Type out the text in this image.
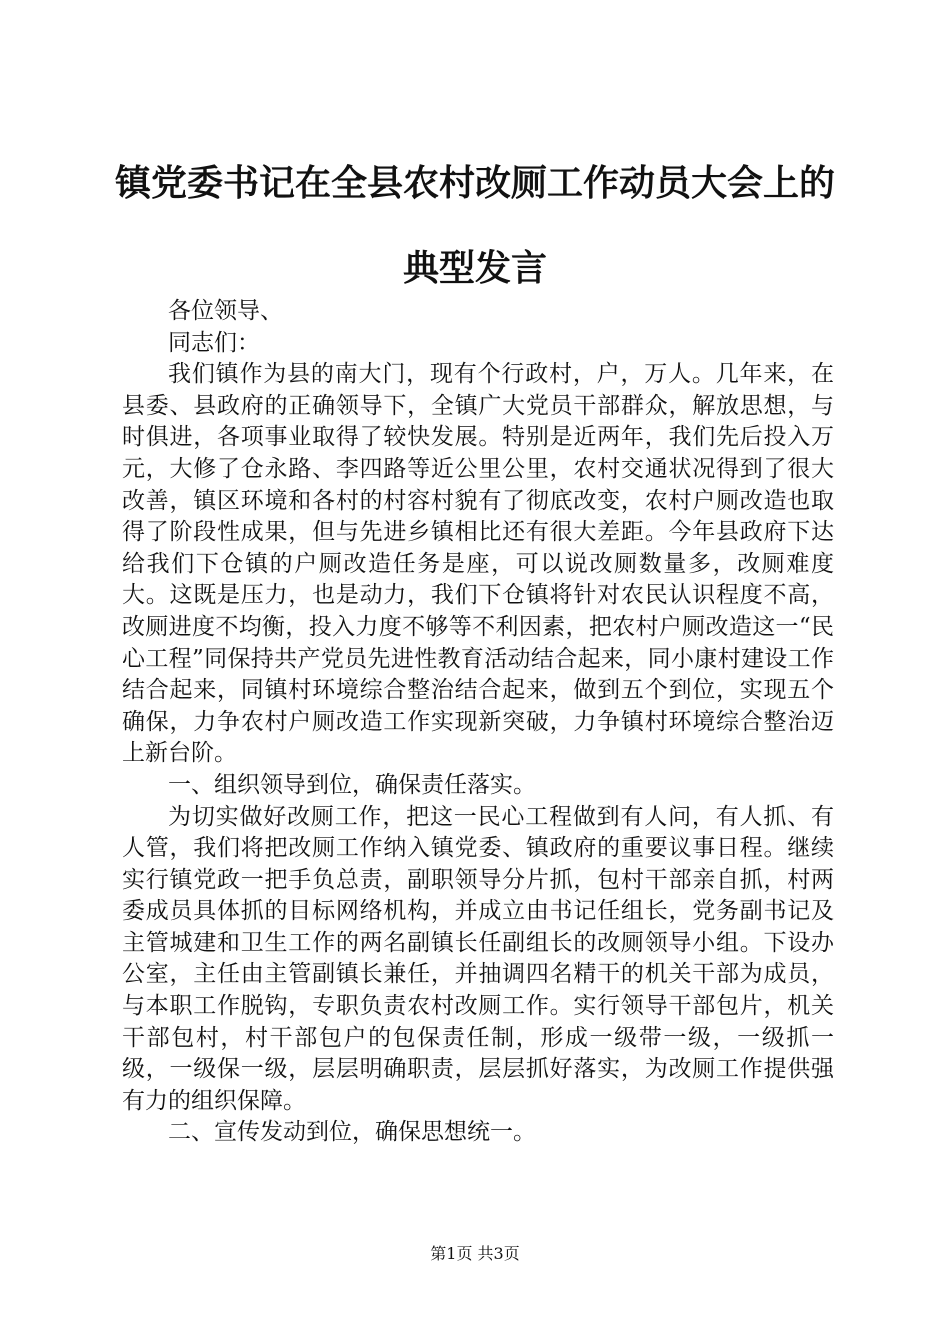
镇党委书记在全县农村改厕工作动员大会上的
典型发言

各位领导、

同志们：

我们镇作为县的南大门，现有个行政村，户，万人。几年来，在县委、县政府的正确领导下，全镇广大党员干部群众，解放思想，与时俱进，各项事业取得了较快发展。特别是近两年，我们先后投入万元，大修了仓永路、李四路等近公里公里，农村交通状况得到了很大改善，镇区环境和各村的村容村貌有了彻底改变，农村户厕改造也取得了阶段性成果，但与先进乡镇相比还有很大差距。今年县政府下达给我们下仓镇的户厕改造任务是座，可以说改厕数量多，改厕难度大。这既是压力，也是动力，我们下仓镇将针对农民认识程度不高，改厕进度不均衡，投入力度不够等不利因素，把农村户厕改造这一“民心工程”同保持共产党员先进性教育活动结合起来，同小康村建设工作结合起来，同镇村环境综合整治结合起来，做到五个到位，实现五个确保，力争农村户厕改造工作实现新突破，力争镇村环境综合整治迈上新台阶。

一、组织领导到位，确保责任落实。

为切实做好改厕工作，把这一民心工程做到有人问，有人抓、有人管，我们将把改厕工作纳入镇党委、镇政府的重要议事日程。继续实行镇党政一把手负总责，副职领导分片抓，包村干部亲自抓，村两委成员具体抓的目标网络机构，并成立由书记任组长，党务副书记及主管城建和卫生工作的两名副镇长任副组长的改厕领导小组。下设办公室，主任由主管副镇长兼任，并抽调四名精干的机关干部为成员，与本职工作脱钩，专职负责农村改厕工作。实行领导干部包片，机关干部包村，村干部包户的包保责任制，形成一级带一级，一级抓一级，一级保一级，层层明确职责，层层抓好落实，为改厕工作提供强有力的组织保障。

二、宣传发动到位，确保思想统一。

第1页 共3页
